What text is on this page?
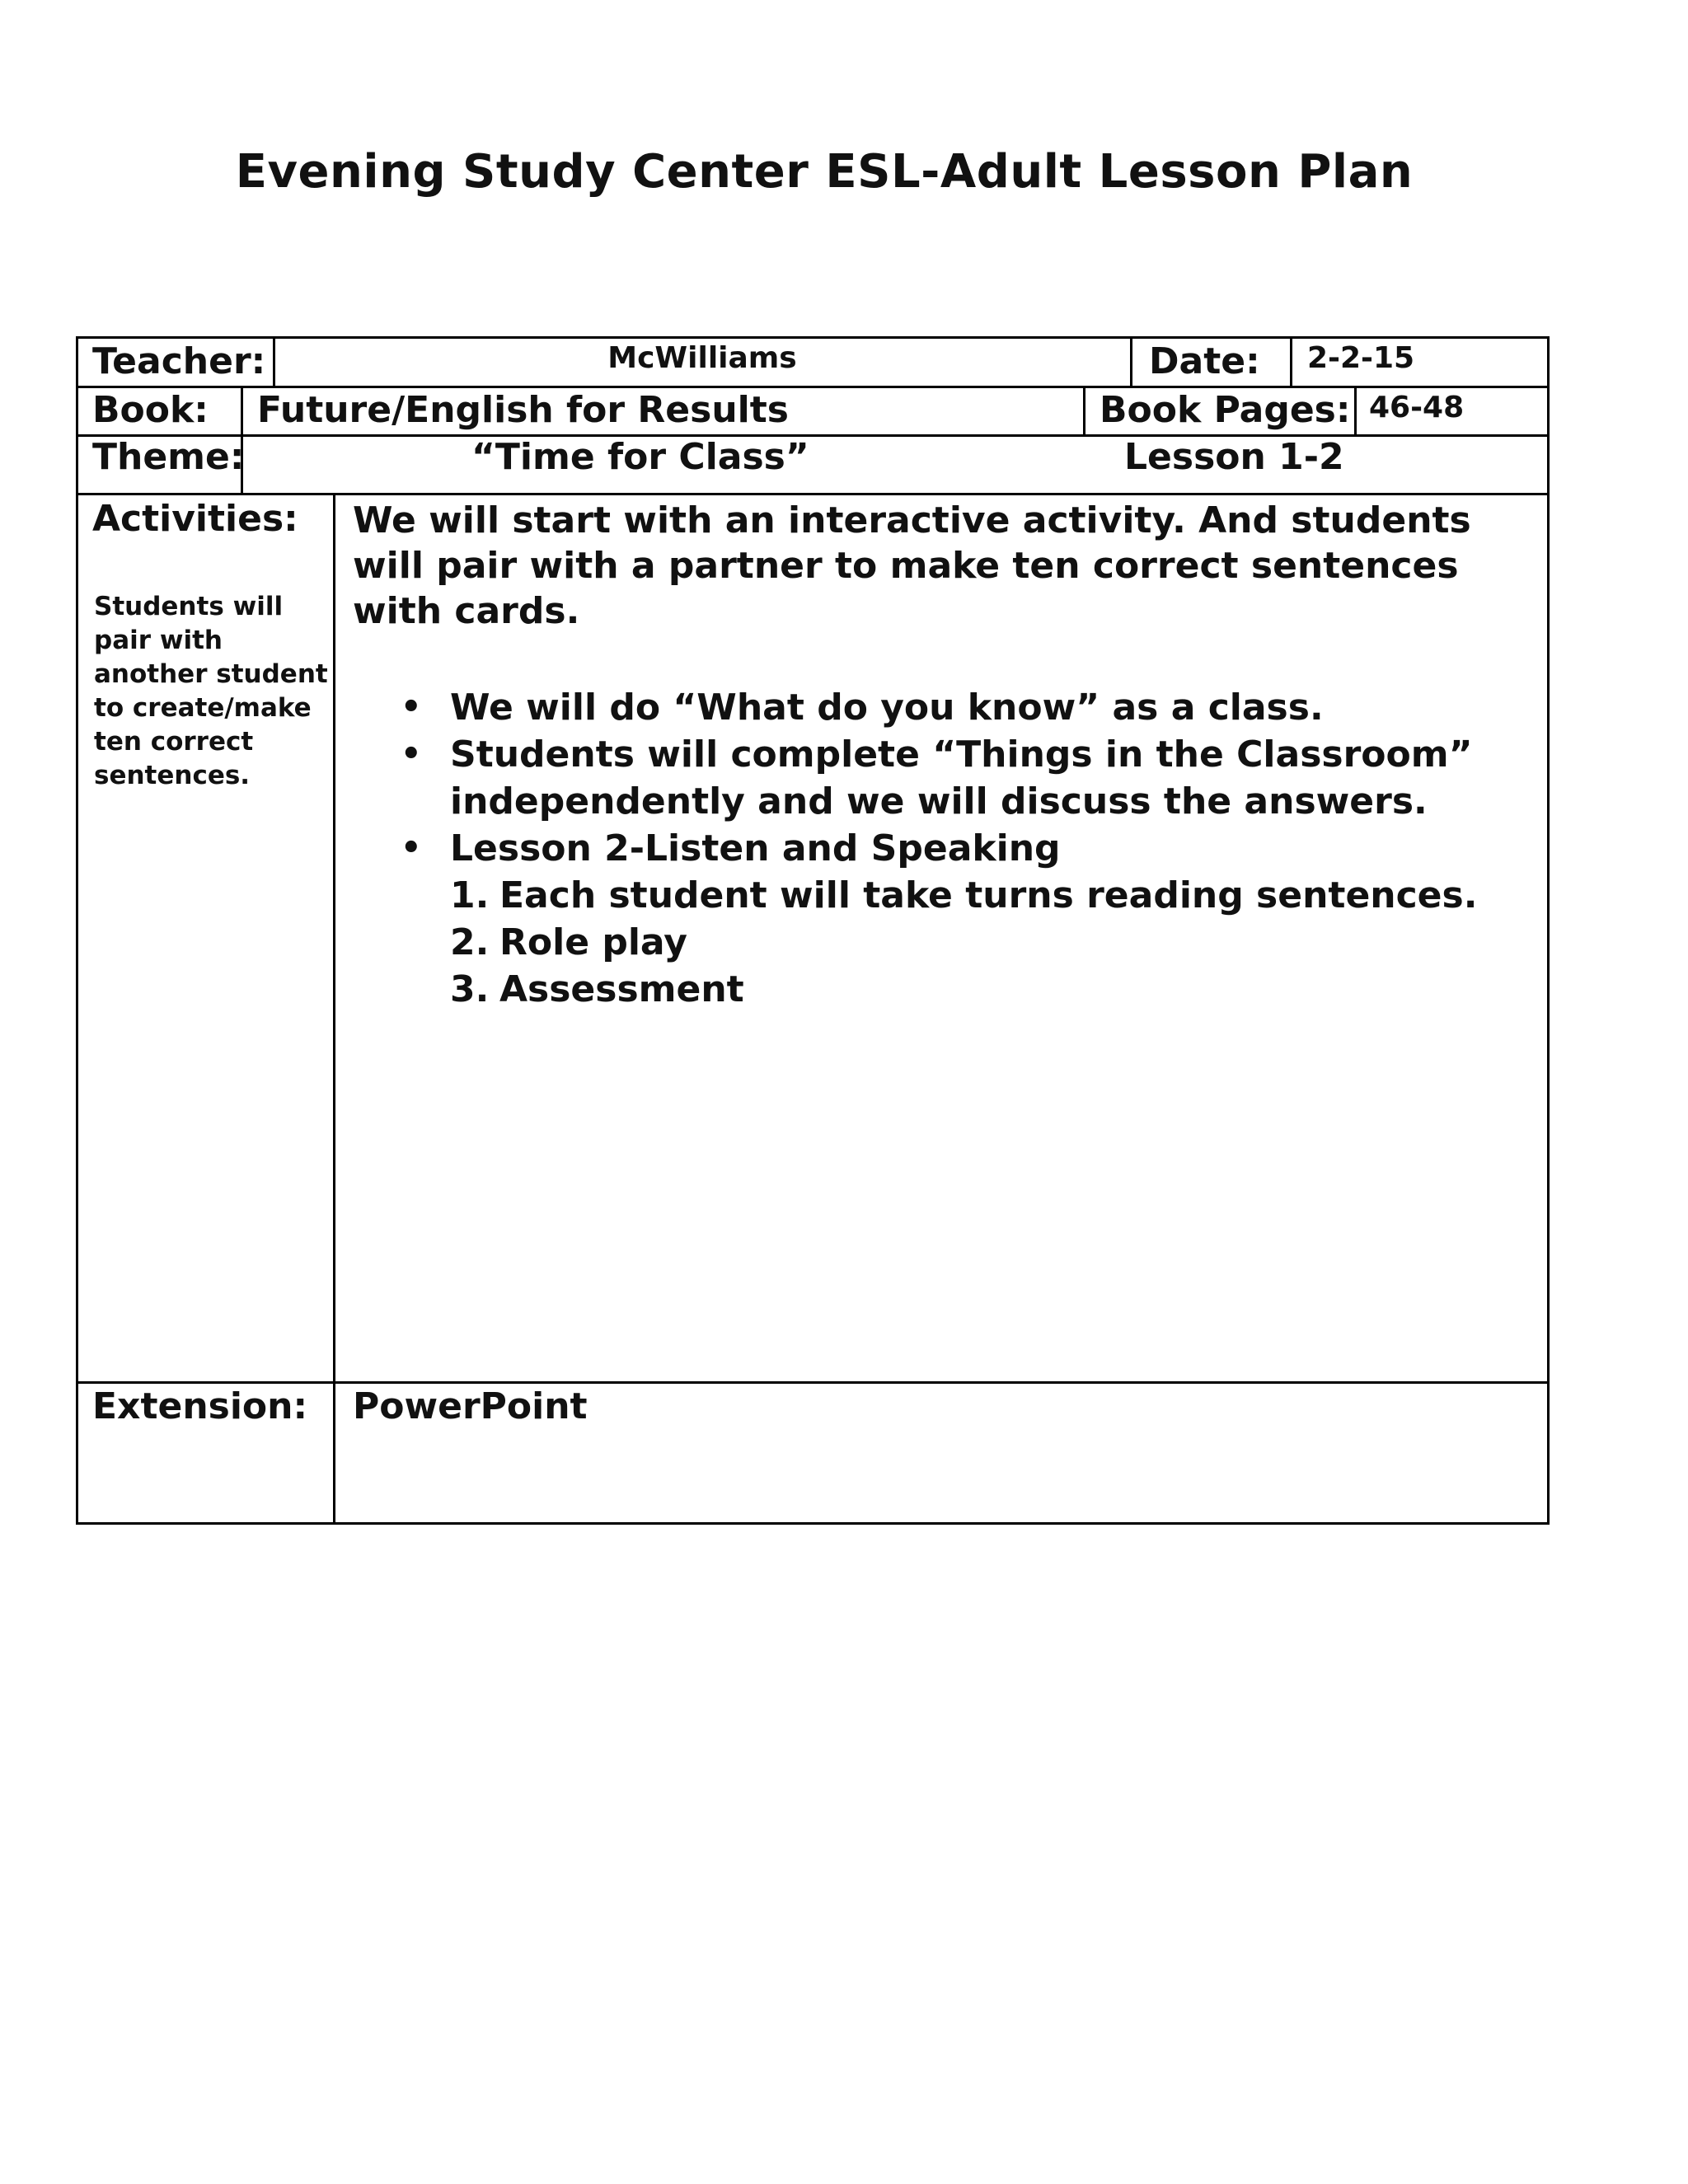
Evening Study Center ESL-Adult Lesson Plan
Teacher:	McWilliams	Date: 2-2-15
Book: Future/English for Results	Book Pages: 46-48
Theme:	“Time for Class”	Lesson 1-2
Activities:
Students will pair with another student to create/make ten correct sentences.
We will start with an interactive activity. And students will pair with a partner to make ten correct sentences with cards.
• We will do “What do you know” as a class.
• Students will complete “Things in the Classroom” independently and we will discuss the answers.
• Lesson 2-Listen and Speaking
1. Each student will take turns reading sentences.
2. Role play
3. Assessment
Extension: PowerPoint
